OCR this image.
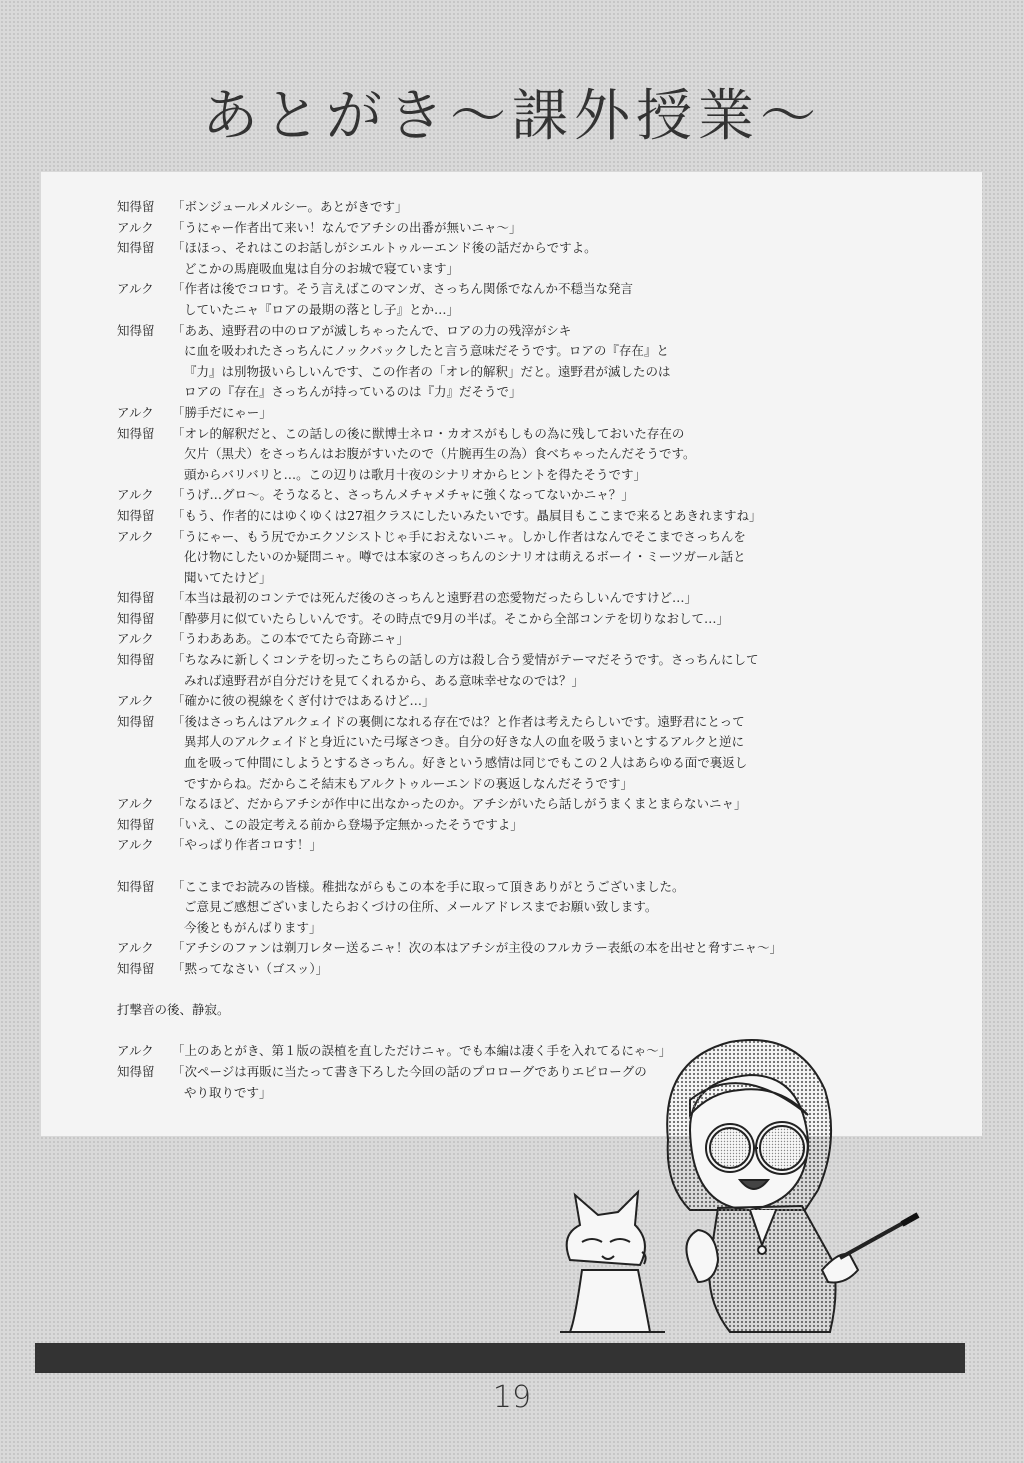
あとがき～課外授業～
知得留	「ボンジュールメルシー。あとがきです」
アルク	「うにゃー作者出て来い！なんでアチシの出番が無いニャ～」
知得留	「ほほっ、それはこのお話しがシエルトゥルーエンド後の話だからですよ。
どこかの馬鹿吸血鬼は自分のお城で寝ています」
アルク	「作者は後でコロす。そう言えばこのマンガ、さっちん関係でなんか不穏当な発言
していたニャ『ロアの最期の落とし子』とか…」
知得留	「ああ、遠野君の中のロアが滅しちゃったんで、ロアの力の残滓がシキ
に血を吸われたさっちんにノックバックしたと言う意味だそうです。ロアの『存在』と
『力』は別物扱いらしいんです、この作者の「オレ的解釈」だと。遠野君が滅したのは
ロアの『存在』さっちんが持っているのは『力』だそうで」
アルク	「勝手だにゃー」
知得留	「オレ的解釈だと、この話しの後に獣博士ネロ・カオスがもしもの為に残しておいた存在の
欠片（黒犬）をさっちんはお腹がすいたので（片腕再生の為）食べちゃったんだそうです。
頭からバリバリと…。この辺りは歌月十夜のシナリオからヒントを得たそうです」
アルク	「うげ…グロ～。そうなると、さっちんメチャメチャに強くなってないかニャ？」
知得留	「もう、作者的にはゆくゆくは27祖クラスにしたいみたいです。贔屓目もここまで来るとあきれますね」
アルク	「うにゃー、もう尻でかエクソシストじゃ手におえないニャ。しかし作者はなんでそこまでさっちんを
化け物にしたいのか疑問ニャ。噂では本家のさっちんのシナリオは萌えるボーイ・ミーツガール話と
聞いてたけど」
知得留	「本当は最初のコンテでは死んだ後のさっちんと遠野君の恋愛物だったらしいんですけど…」
知得留	「酔夢月に似ていたらしいんです。その時点で9月の半ば。そこから全部コンテを切りなおして…」
アルク	「うわあああ。この本でてたら奇跡ニャ」
知得留	「ちなみに新しくコンテを切ったこちらの話しの方は殺し合う愛情がテーマだそうです。さっちんにして
みれば遠野君が自分だけを見てくれるから、ある意味幸せなのでは？」
アルク	「確かに彼の視線をくぎ付けではあるけど…」
知得留	「後はさっちんはアルクェイドの裏側になれる存在では？と作者は考えたらしいです。遠野君にとって
異邦人のアルクェイドと身近にいた弓塚さつき。自分の好きな人の血を吸うまいとするアルクと逆に
血を吸って仲間にしようとするさっちん。好きという感情は同じでもこの２人はあらゆる面で裏返し
ですからね。だからこそ結末もアルクトゥルーエンドの裏返しなんだそうです」
アルク	「なるほど、だからアチシが作中に出なかったのか。アチシがいたら話しがうまくまとまらないニャ」
知得留	「いえ、この設定考える前から登場予定無かったそうですよ」
アルク	「やっぱり作者コロす！」
知得留	「ここまでお読みの皆様。稚拙ながらもこの本を手に取って頂きありがとうございました。
ご意見ご感想ございましたらおくづけの住所、メールアドレスまでお願い致します。
今後ともがんばります」
アルク	「アチシのファンは剃刀レター送るニャ！次の本はアチシが主役のフルカラー表紙の本を出せと脅すニャ～」
知得留	「黙ってなさい（ゴスッ）」
打撃音の後、静寂。
アルク	「上のあとがき、第１版の誤植を直しただけニャ。でも本編は凄く手を入れてるにゃ～」
知得留	「次ページは再販に当たって書き下ろした今回の話のプロローグでありエピローグの
やり取りです」
19
